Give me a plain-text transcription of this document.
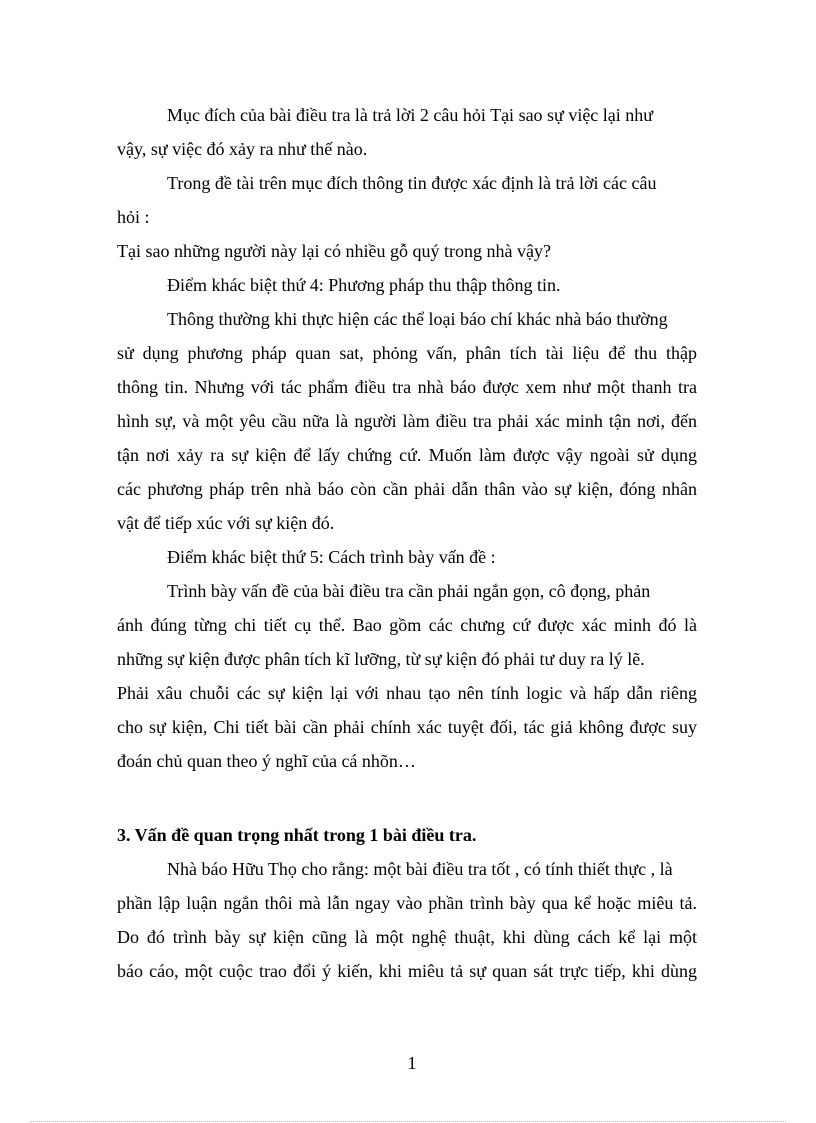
Mục đích của bài điều tra là trả lời 2 câu hỏi Tại sao sự việc lại như
vậy, sự việc đó xảy ra như thế nào.
Trong đề tài trên mục đích thông tin được xác định là trả lời các câu
hỏi :
Tại sao những người này lại có nhiều gỗ quý trong nhà vậy?
Điểm khác biệt thứ 4: Phương pháp thu thập thông tin.
Thông thường khi thực hiện các thể loại báo chí khác nhà báo thường
sử dụng phương pháp quan sat, phỏng vấn, phân tích tài liệu để thu thập
thông tin. Nhưng với tác phẩm điều tra nhà báo được xem như một thanh tra
hình sự, và một yêu cầu nữa là người làm điều tra phải xác minh tận nơi, đến
tận nơi xảy ra sự kiện để lấy chứng cứ. Muốn làm được vậy ngoài sử dụng
các phương pháp trên nhà báo còn cần phải dẫn thân vào sự kiện, đóng nhân
vật để tiếp xúc với sự kiện đó.
Điểm khác biệt thứ 5: Cách trình bày vấn đề :
Trình bày vấn đề của bài điều tra cần phải ngắn gọn, cô đọng, phản
ánh đúng từng chi tiết cụ thể. Bao gồm các chưng cứ được xác minh đó là
những sự kiện được phân tích kĩ lưỡng, từ sự kiện đó phải tư duy ra lý lẽ.
Phải xâu chuỗi các sự kiện lại với nhau tạo nên tính logic và hấp dẫn riêng
cho sự kiện, Chi tiết bài cần phải chính xác tuyệt đối, tác giả không được suy
đoán chủ quan theo ý nghĩ của cá nhõn…
3. Vấn đề quan trọng nhất trong 1 bài điều tra.
Nhà báo Hữu Thọ cho rằng: một bài điều tra tốt , có tính thiết thực , là
phần lập luận ngắn thôi mà lẫn ngay vào phần trình bày qua kể hoặc miêu tả.
Do đó trình bày sự kiện cũng là một nghệ thuật, khi dùng cách kể lại một
báo cáo, một cuộc trao đổi ý kiến, khi miêu tả sự quan sát trực tiếp, khi dùng
1
